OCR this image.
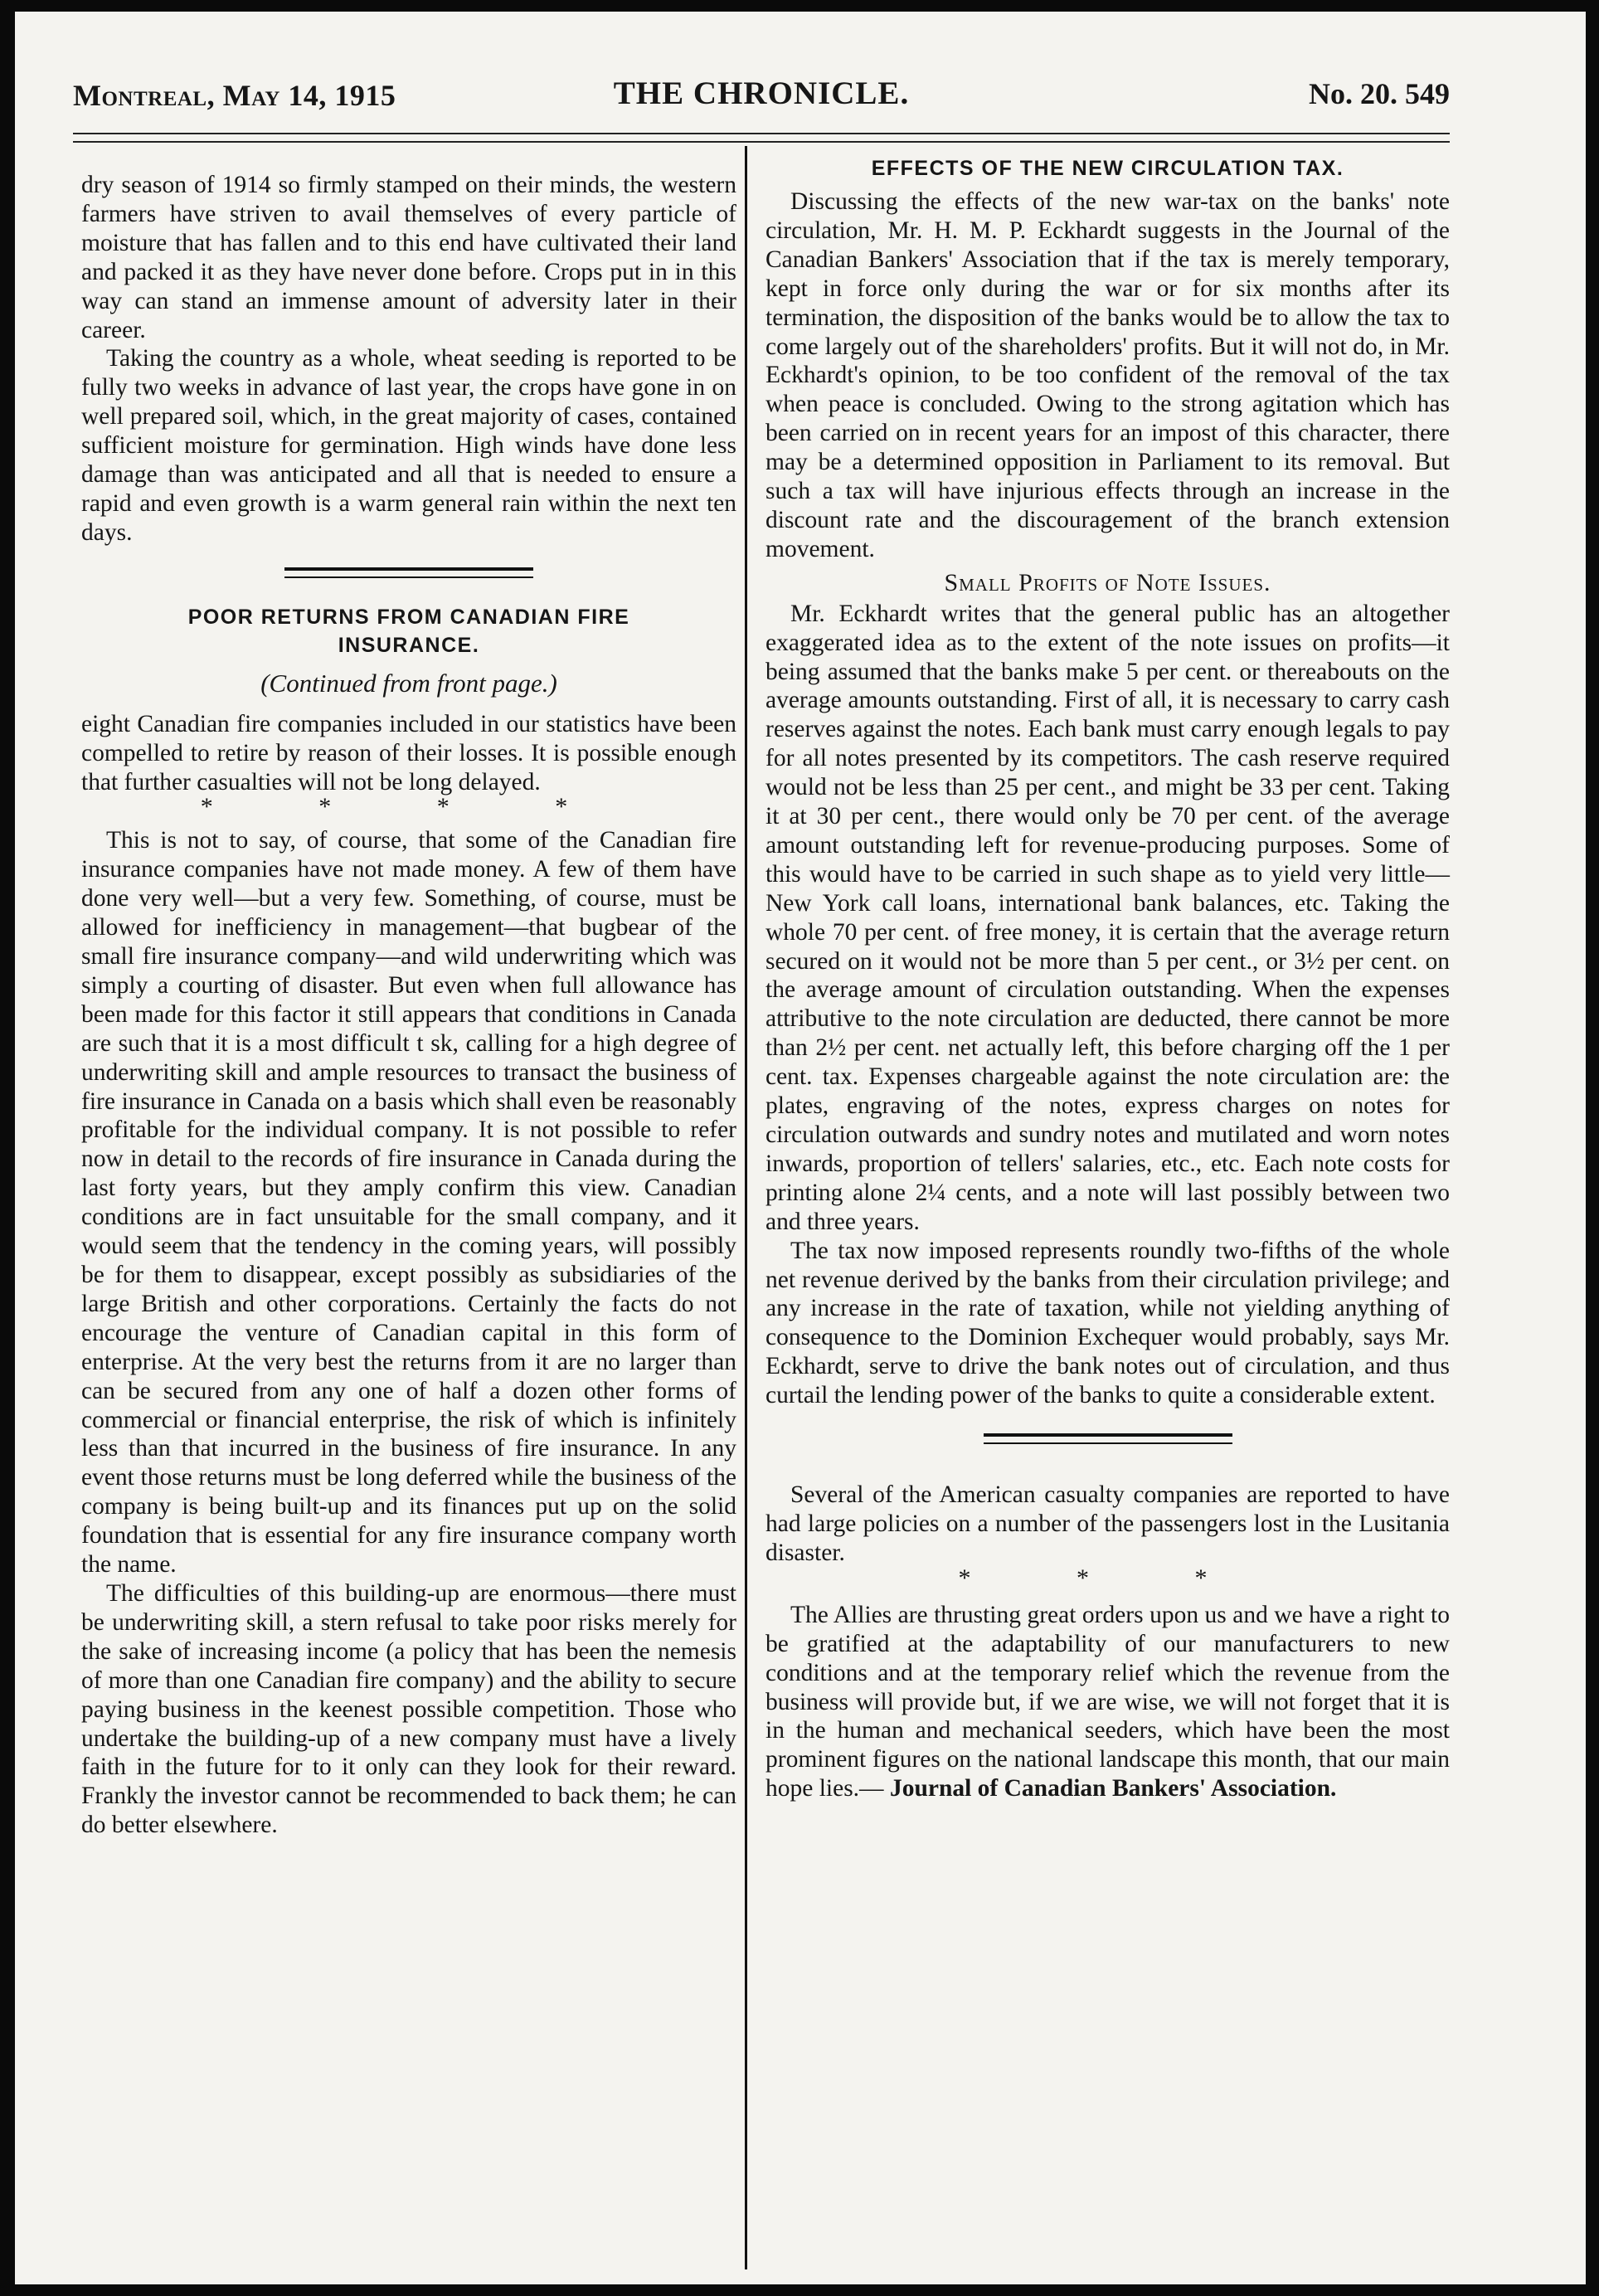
Montreal, May 14, 1915	THE CHRONICLE.	No. 20. 549

dry season of 1914 so firmly stamped on their minds, the western farmers have striven to avail themselves of every particle of moisture that has fallen and to this end have cultivated their land and packed it as they have never done before. Crops put in in this way can stand an immense amount of adversity later in their career.

Taking the country as a whole, wheat seeding is reported to be fully two weeks in advance of last year, the crops have gone in on well prepared soil, which, in the great majority of cases, contained sufficient moisture for germination. High winds have done less damage than was anticipated and all that is needed to ensure a rapid and even growth is a warm general rain within the next ten days.

POOR RETURNS FROM CANADIAN FIRE
INSURANCE.
(Continued from front page.)

eight Canadian fire companies included in our statistics have been compelled to retire by reason of their losses. It is possible enough that further casualties will not be long delayed.

* * * *

This is not to say, of course, that some of the Canadian fire insurance companies have not made money. A few of them have done very well—but a very few. Something, of course, must be allowed for inefficiency in management—that bugbear of the small fire insurance company—and wild underwriting which was simply a courting of disaster. But even when full allowance has been made for this factor it still appears that conditions in Canada are such that it is a most difficult t sk, calling for a high degree of underwriting skill and ample resources to transact the business of fire insurance in Canada on a basis which shall even be reasonably profitable for the individual company. It is not possible to refer now in detail to the records of fire insurance in Canada during the last forty years, but they amply confirm this view. Canadian conditions are in fact unsuitable for the small company, and it would seem that the tendency in the coming years, will possibly be for them to disappear, except possibly as subsidiaries of the large British and other corporations. Certainly the facts do not encourage the venture of Canadian capital in this form of enterprise. At the very best the returns from it are no larger than can be secured from any one of half a dozen other forms of commercial or financial enterprise, the risk of which is infinitely less than that incurred in the business of fire insurance. In any event those returns must be long deferred while the business of the company is being built-up and its finances put up on the solid foundation that is essential for any fire insurance company worth the name.

The difficulties of this building-up are enormous—there must be underwriting skill, a stern refusal to take poor risks merely for the sake of increasing income (a policy that has been the nemesis of more than one Canadian fire company) and the ability to secure paying business in the keenest possible competition. Those who undertake the building-up of a new company must have a lively faith in the future for to it only can they look for their reward. Frankly the investor cannot be recommended to back them; he can do better elsewhere.

EFFECTS OF THE NEW CIRCULATION TAX.

Discussing the effects of the new war-tax on the banks' note circulation, Mr. H. M. P. Eckhardt suggests in the Journal of the Canadian Bankers' Association that if the tax is merely temporary, kept in force only during the war or for six months after its termination, the disposition of the banks would be to allow the tax to come largely out of the shareholders' profits. But it will not do, in Mr. Eckhardt's opinion, to be too confident of the removal of the tax when peace is concluded. Owing to the strong agitation which has been carried on in recent years for an impost of this character, there may be a determined opposition in Parliament to its removal. But such a tax will have injurious effects through an increase in the discount rate and the discouragement of the branch extension movement.

Small Profits of Note Issues.

Mr. Eckhardt writes that the general public has an altogether exaggerated idea as to the extent of the note issues on profits—it being assumed that the banks make 5 per cent. or thereabouts on the average amounts outstanding. First of all, it is necessary to carry cash reserves against the notes. Each bank must carry enough legals to pay for all notes presented by its competitors. The cash reserve required would not be less than 25 per cent., and might be 33 per cent. Taking it at 30 per cent., there would only be 70 per cent. of the average amount outstanding left for revenue-producing purposes. Some of this would have to be carried in such shape as to yield very little—New York call loans, international bank balances, etc. Taking the whole 70 per cent. of free money, it is certain that the average return secured on it would not be more than 5 per cent., or 3½ per cent. on the average amount of circulation outstanding. When the expenses attributive to the note circulation are deducted, there cannot be more than 2½ per cent. net actually left, this before charging off the 1 per cent. tax. Expenses chargeable against the note circulation are: the plates, engraving of the notes, express charges on notes for circulation outwards and sundry notes and mutilated and worn notes inwards, proportion of tellers' salaries, etc., etc. Each note costs for printing alone 2¼ cents, and a note will last possibly between two and three years.

The tax now imposed represents roundly two-fifths of the whole net revenue derived by the banks from their circulation privilege; and any increase in the rate of taxation, while not yielding anything of consequence to the Dominion Exchequer would probably, says Mr. Eckhardt, serve to drive the bank notes out of circulation, and thus curtail the lending power of the banks to quite a considerable extent.

Several of the American casualty companies are reported to have had large policies on a number of the passengers lost in the Lusitania disaster.

* * *

The Allies are thrusting great orders upon us and we have a right to be gratified at the adaptability of our manufacturers to new conditions and at the temporary relief which the revenue from the business will provide but, if we are wise, we will not forget that it is in the human and mechanical seeders, which have been the most prominent figures on the national landscape this month, that our main hope lies.— Journal of Canadian Bankers' Association.
